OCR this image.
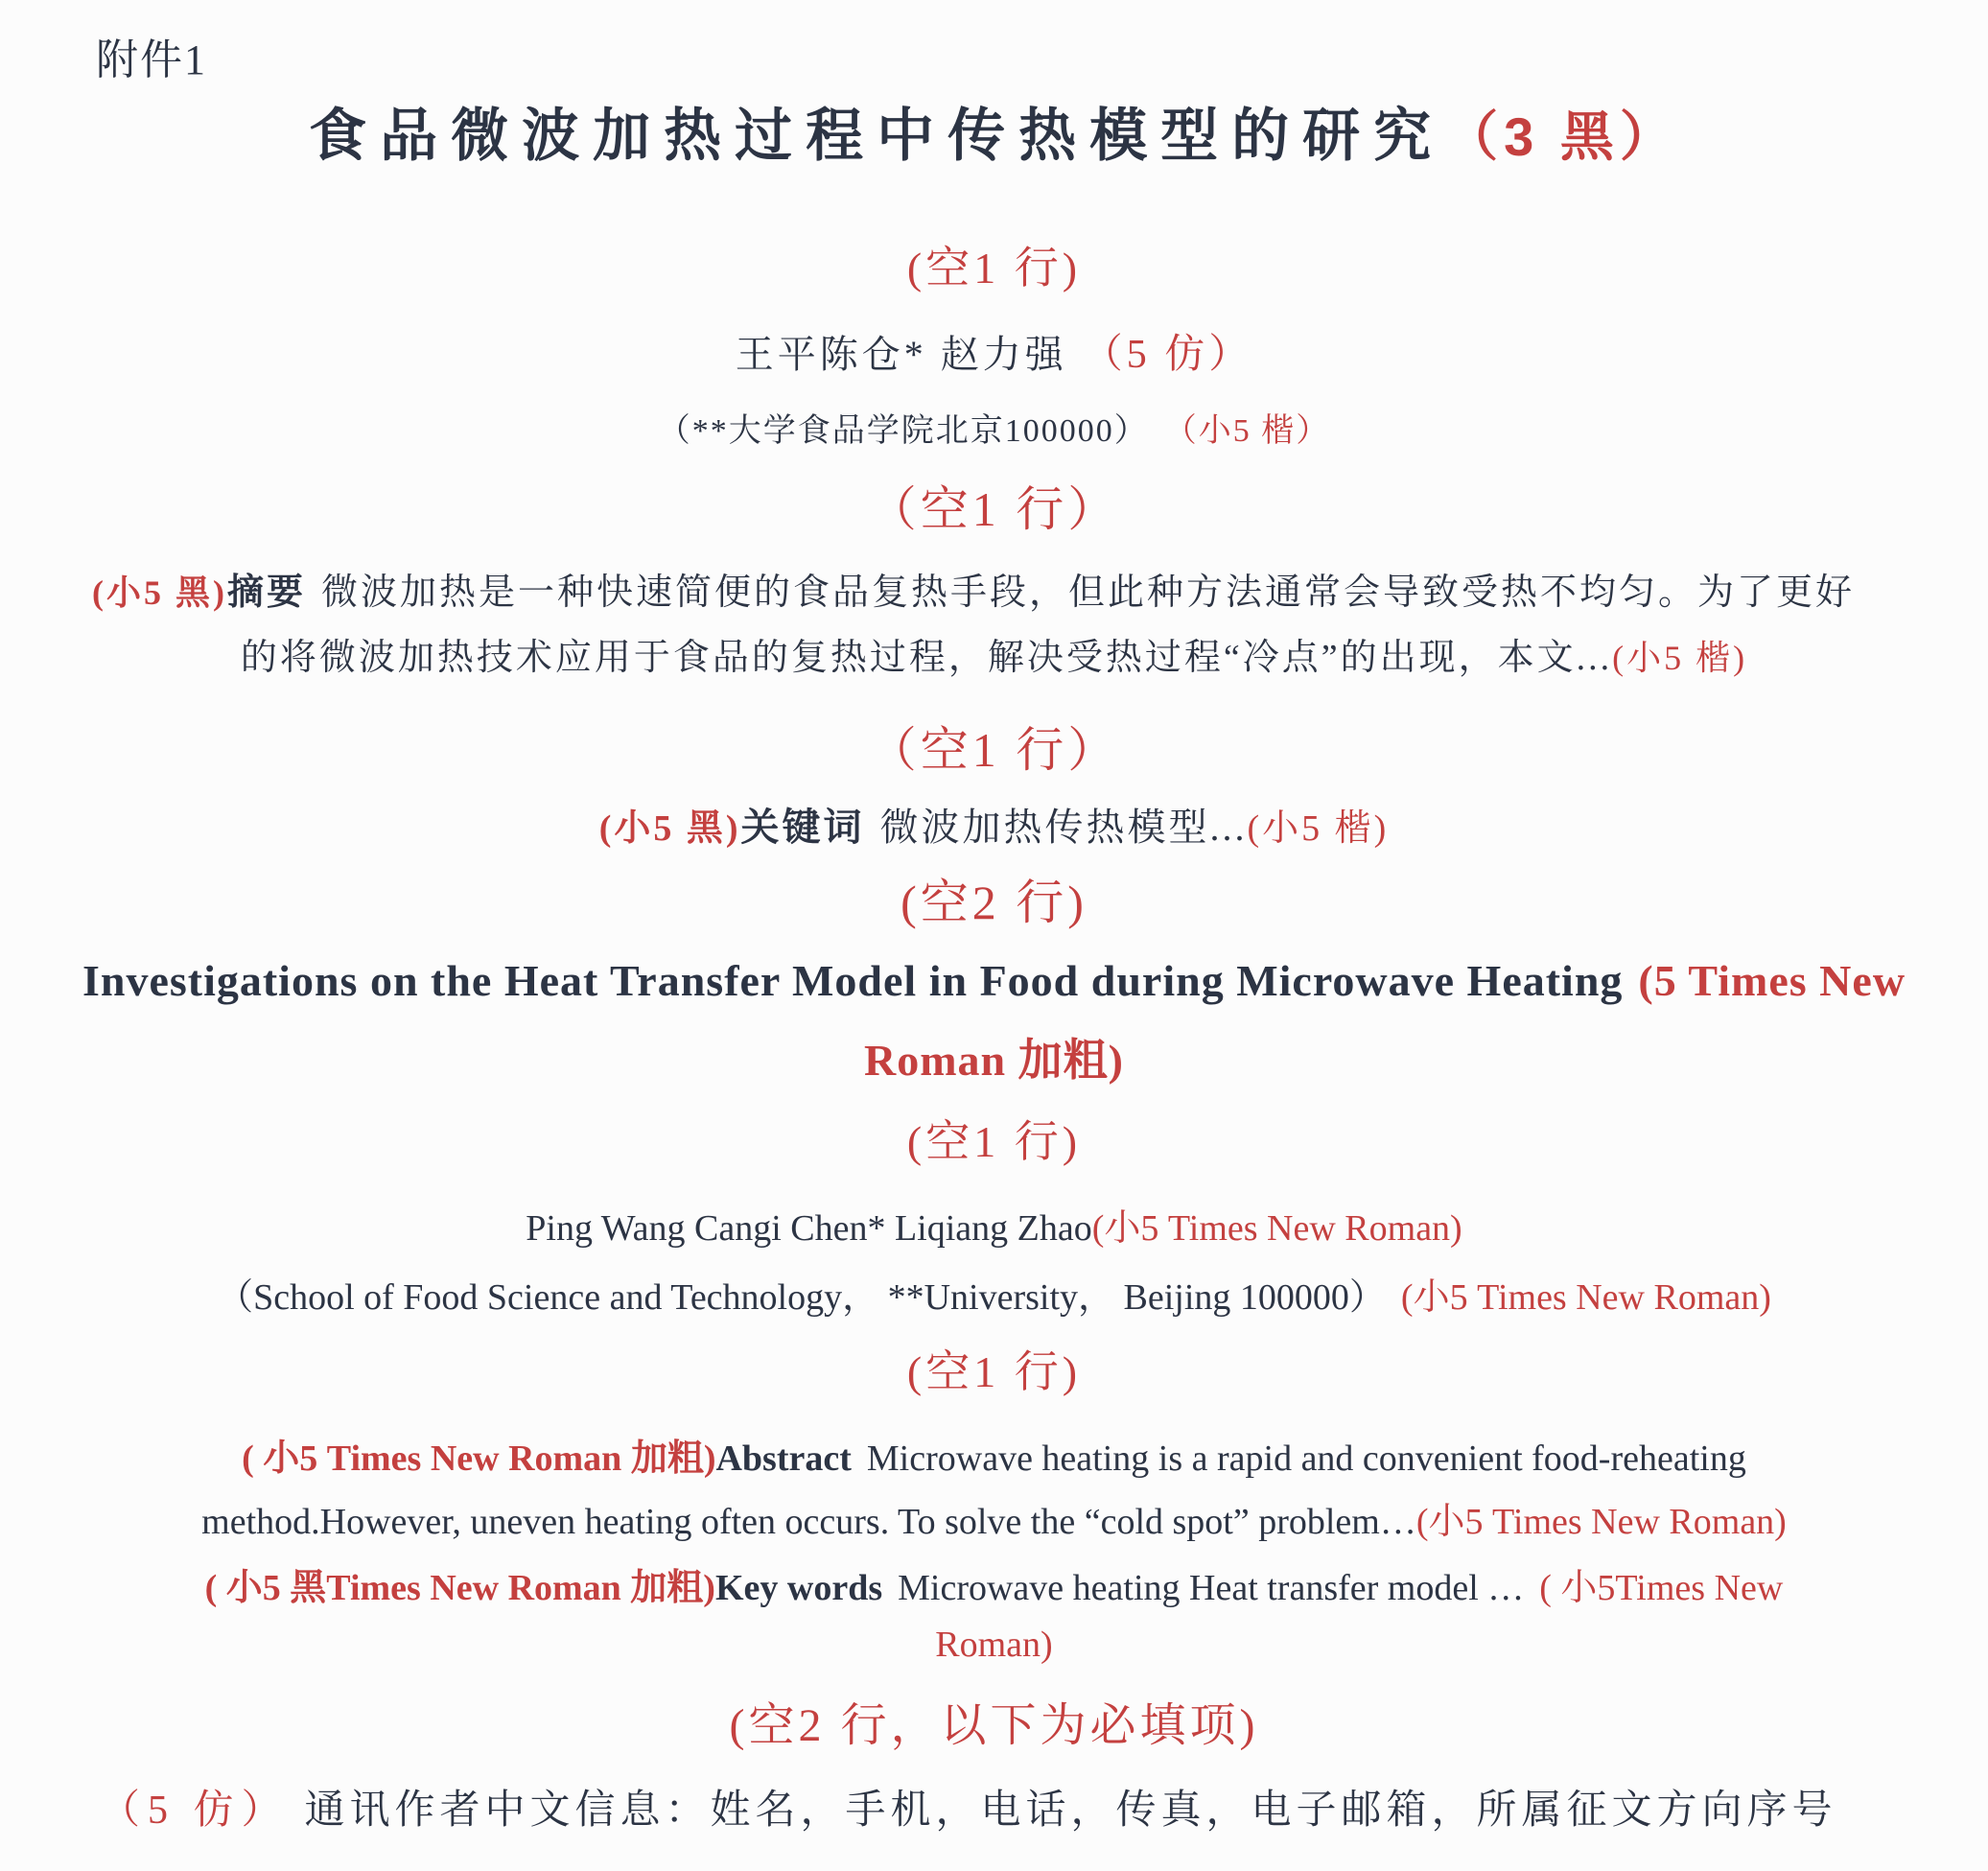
附件1
食品微波加热过程中传热模型的研究（3 黑）
(空1 行)
王平陈仓* 赵力强 （5 仿）
（**大学食品学院北京100000） （小5 楷）
（空1 行）
(小5 黑)摘要 微波加热是一种快速简便的食品复热手段，但此种方法通常会导致受热不均匀。为了更好
的将微波加热技术应用于食品的复热过程，解决受热过程“冷点”的出现，本文...(小5 楷)
（空1 行）
(小5 黑)关键词 微波加热传热模型...(小5 楷)
(空2 行)
Investigations on the Heat Transfer Model in Food during Microwave Heating (5 Times New
Roman 加粗)
(空1 行)
Ping Wang Cangi Chen* Liqiang Zhao(小5 Times New Roman)
（School of Food Science and Technology， **University， Beijing 100000） (小5 Times New Roman)
(空1 行)
( 小5 Times New Roman 加粗)Abstract Microwave heating is a rapid and convenient food-reheating
method.However, uneven heating often occurs. To solve the “cold spot” problem…(小5 Times New Roman)
( 小5 黑Times New Roman 加粗)Key words Microwave heating Heat transfer model … ( 小5Times New
Roman)
(空2 行，以下为必填项)
（5 仿） 通讯作者中文信息：姓名，手机，电话，传真，电子邮箱，所属征文方向序号
